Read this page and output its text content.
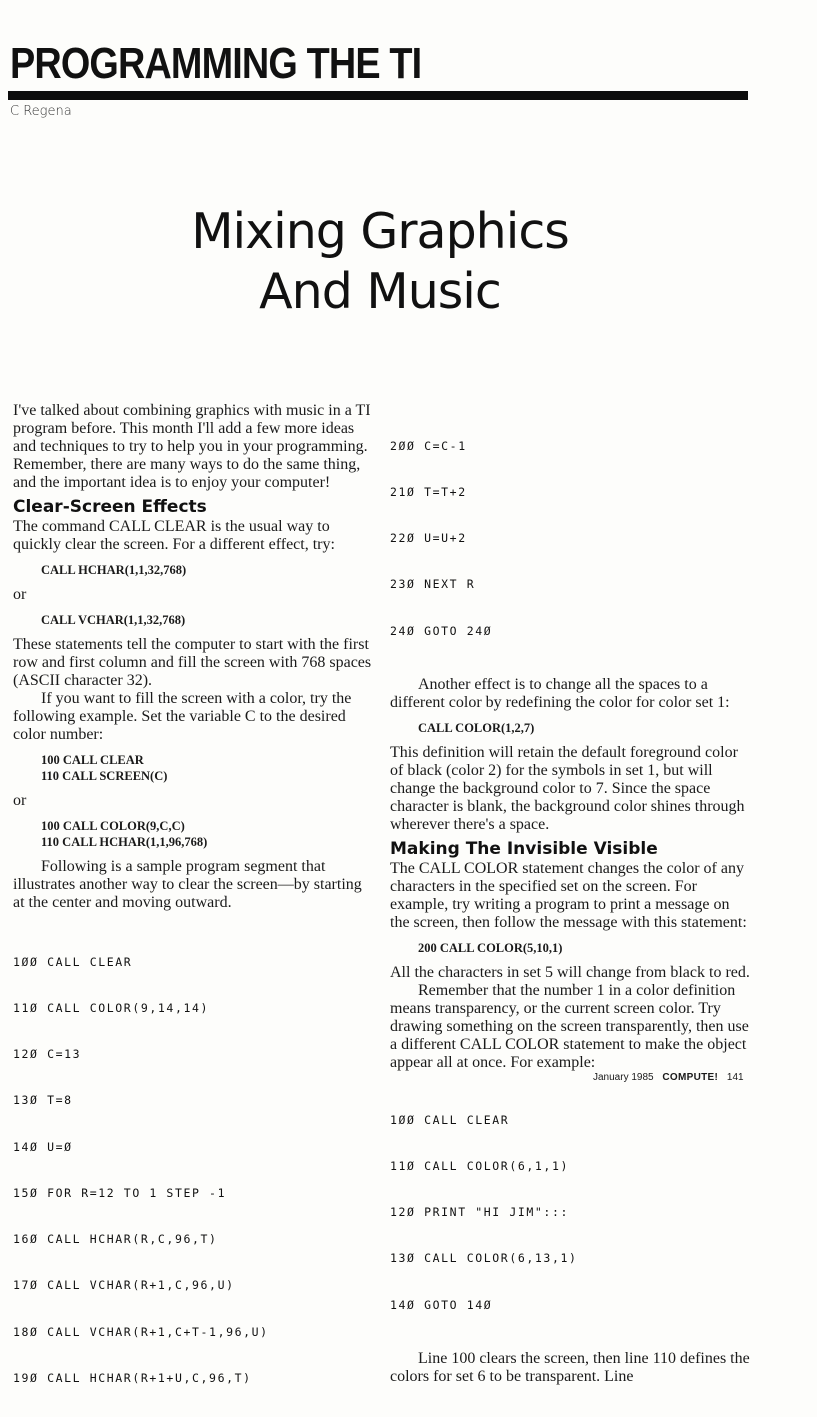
PROGRAMMING THE TI
C Regena
Mixing Graphics
And Music

I've talked about combining graphics with music in a TI program before. This month I'll add a few more ideas and techniques to try to help you in your programming. Remember, there are many ways to do the same thing, and the important idea is to enjoy your computer!

Clear-Screen Effects

The command CALL CLEAR is the usual way to quickly clear the screen. For a different effect, try:

CALL HCHAR(1,1,32,768)
or
CALL VCHAR(1,1,32,768)

These statements tell the computer to start with the first row and first column and fill the screen with 768 spaces (ASCII character 32).

If you want to fill the screen with a color, try the following example. Set the variable C to the desired color number:

100 CALL CLEAR
110 CALL SCREEN(C)
or
100 CALL COLOR(9,C,C)
110 CALL HCHAR(1,1,96,768)

Following is a sample program segment that illustrates another way to clear the screen—by starting at the center and moving outward.

1ØØ CALL CLEAR

11Ø CALL COLOR(9,14,14)

12Ø C=13

13Ø T=8

14Ø U=Ø

15Ø FOR R=12 TO 1 STEP -1

16Ø CALL HCHAR(R,C,96,T)

17Ø CALL VCHAR(R+1,C,96,U)

18Ø CALL VCHAR(R+1,C+T-1,96,U)

19Ø CALL HCHAR(R+1+U,C,96,T)

2ØØ C=C-1

21Ø T=T+2

22Ø U=U+2

23Ø NEXT R

24Ø GOTO 24Ø

Another effect is to change all the spaces to a different color by redefining the color for color set 1:

CALL COLOR(1,2,7)

This definition will retain the default foreground color of black (color 2) for the symbols in set 1, but will change the background color to 7. Since the space character is blank, the background color shines through wherever there's a space.

Making The Invisible Visible

The CALL COLOR statement changes the color of any characters in the specified set on the screen. For example, try writing a program to print a message on the screen, then follow the message with this statement:

200 CALL COLOR(5,10,1)

All the characters in set 5 will change from black to red.

Remember that the number 1 in a color definition means transparency, or the current screen color. Try drawing something on the screen transparently, then use a different CALL COLOR statement to make the object appear all at once. For example:

1ØØ CALL CLEAR

11Ø CALL COLOR(6,1,1)

12Ø PRINT "HI JIM":::

13Ø CALL COLOR(6,13,1)

14Ø GOTO 14Ø

Line 100 clears the screen, then line 110 defines the colors for set 6 to be transparent. Line

January 1985 COMPUTE! 141
